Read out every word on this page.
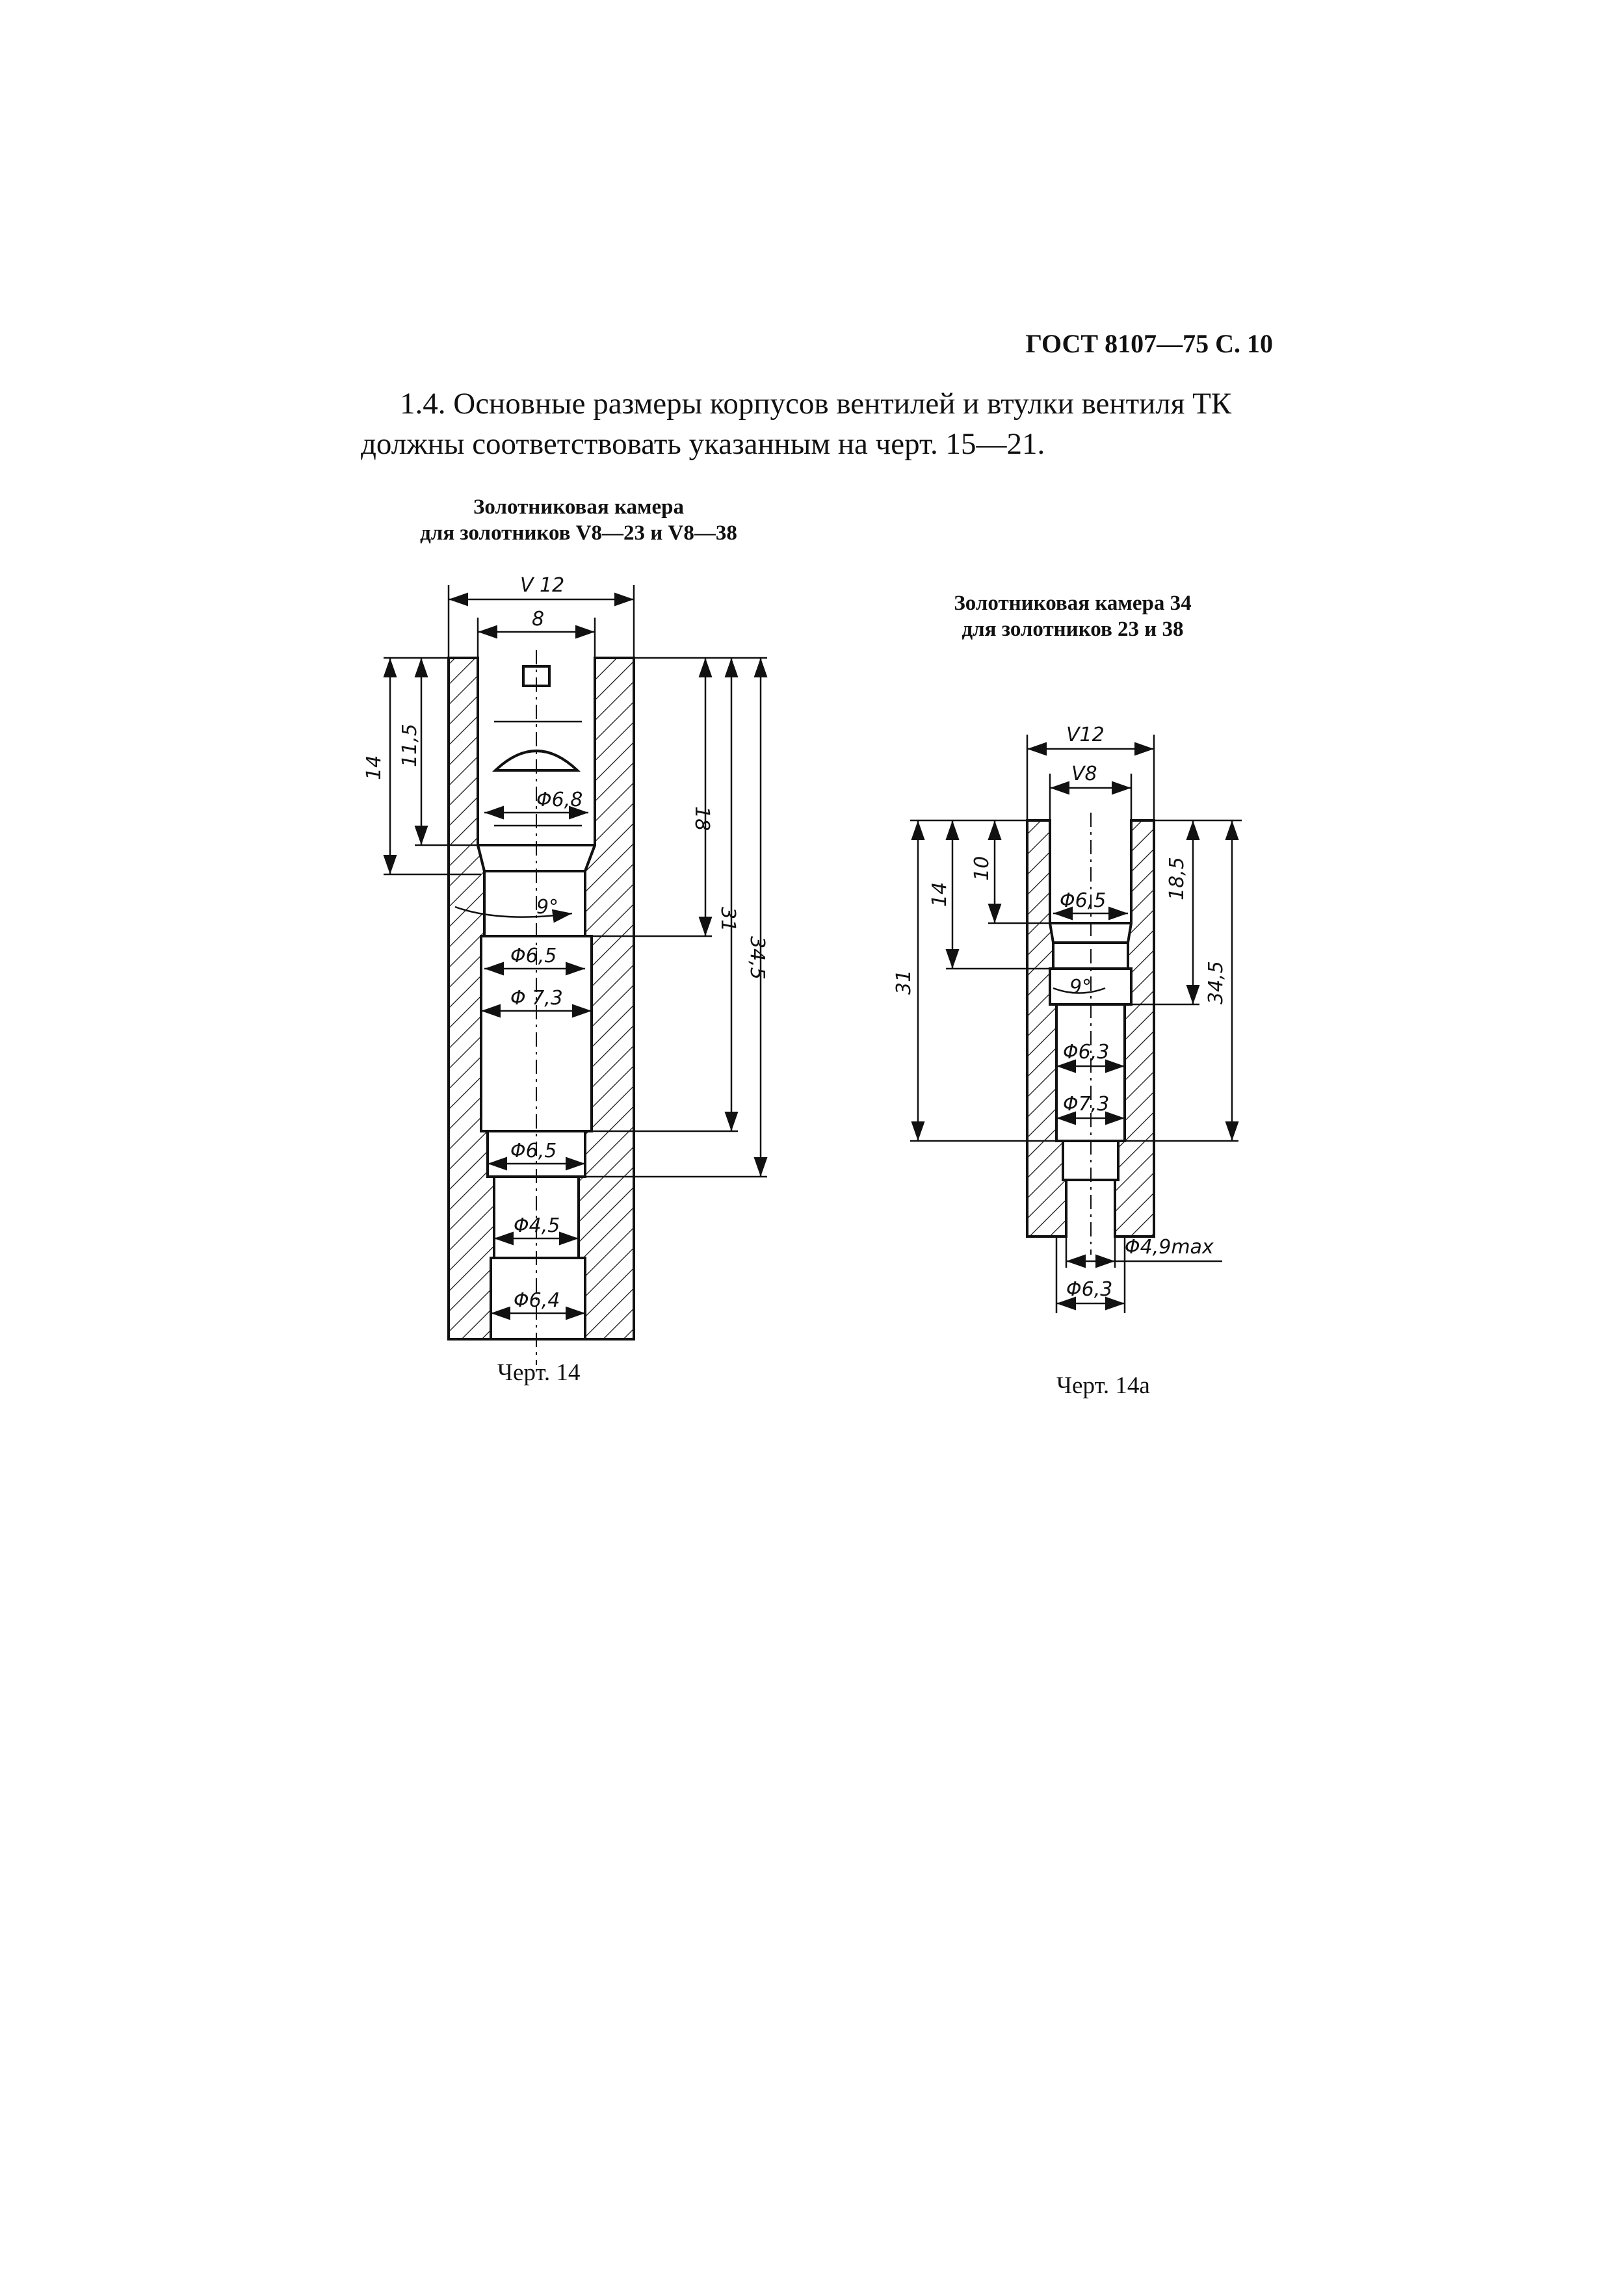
ГОСТ 8107—75 С. 10

1.4. Основные размеры корпусов вентилей и втулки вентиля ТК

должны соответствовать указанным на черт. 15—21.

Золотниковая камера
для золотников V8—23 и V8—38
Золотниковая камера 34
для золотников 23 и 38
V 12
8
14
11,5
18
31
34,5
Φ6,8
9°
Φ6,5
Φ 7,3
Φ6,5
Φ4,5
Φ6,4
V12
V8
31
14
10	18,5
34,5
Φ6,5
9°
Φ6,3
Φ7,3
Φ4,9max
Φ6,3
Черт. 14	Черт. 14а
